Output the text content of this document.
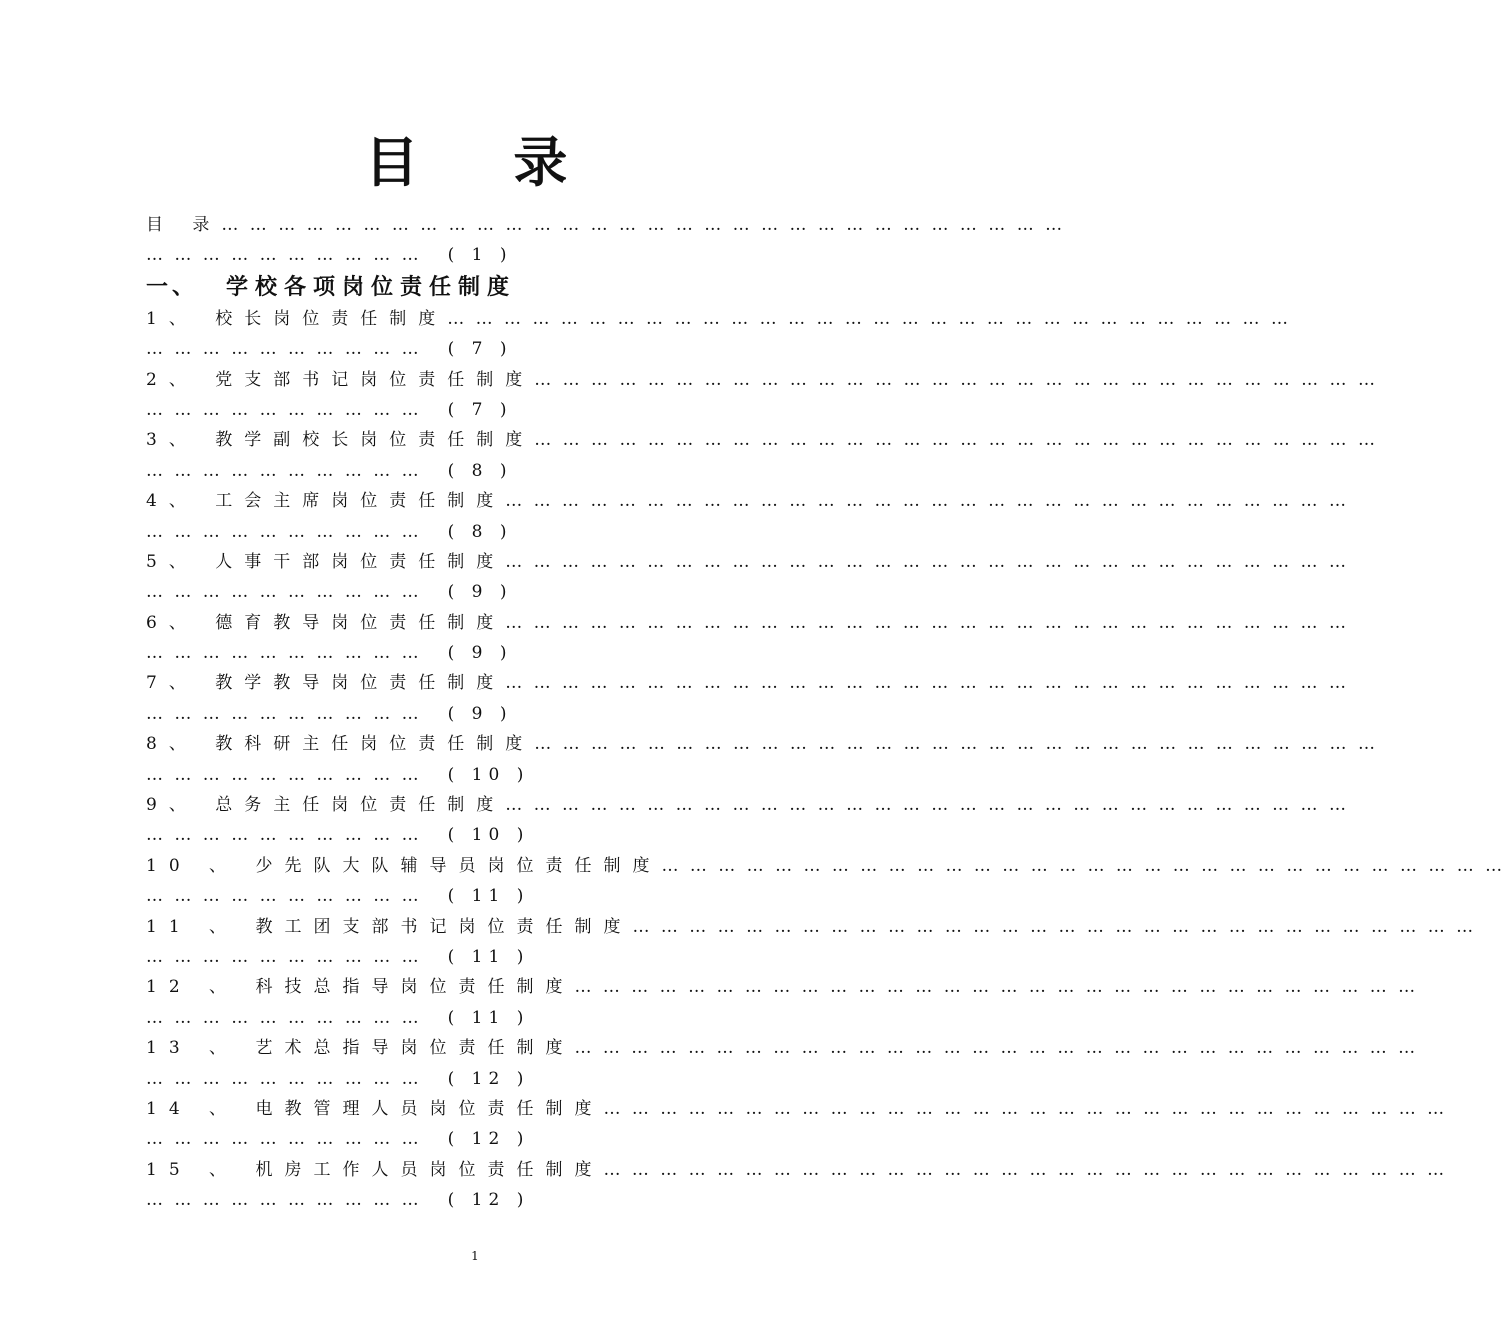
目 录
目 录 … … … … … … … … … … … … … … … … … … … … … … … … … … … … … …
… … … … … … … … … … ( 1 )
一、 学校各项岗位责任制度
1、 校长岗位责任制度 … … … … … … … … … … … … … … … … … … … … … … … … … … … … … …
… … … … … … … … … … ( 7 )
2、 党支部书记岗位责任制度 … … … … … … … … … … … … … … … … … … … … … … … … … … … … … …
… … … … … … … … … … ( 7 )
3、 教学副校长岗位责任制度 … … … … … … … … … … … … … … … … … … … … … … … … … … … … … …
… … … … … … … … … … ( 8 )
4、 工会主席岗位责任制度 … … … … … … … … … … … … … … … … … … … … … … … … … … … … … …
… … … … … … … … … … ( 8 )
5、 人事干部岗位责任制度 … … … … … … … … … … … … … … … … … … … … … … … … … … … … … …
… … … … … … … … … … ( 9 )
6、 德育教导岗位责任制度 … … … … … … … … … … … … … … … … … … … … … … … … … … … … … …
… … … … … … … … … … ( 9 )
7、 教学教导岗位责任制度 … … … … … … … … … … … … … … … … … … … … … … … … … … … … … …
… … … … … … … … … … ( 9 )
8、 教科研主任岗位责任制度 … … … … … … … … … … … … … … … … … … … … … … … … … … … … … …
… … … … … … … … … … ( 10 )
9、 总务主任岗位责任制度 … … … … … … … … … … … … … … … … … … … … … … … … … … … … … …
… … … … … … … … … … ( 10 )
10 、 少先队大队辅导员岗位责任制度 … … … … … … … … … … … … … … … … … … … … … … … … … … … … … …
… … … … … … … … … … ( 11 )
11 、 教工团支部书记岗位责任制度 … … … … … … … … … … … … … … … … … … … … … … … … … … … … … …
… … … … … … … … … … ( 11 )
12 、 科技总指导岗位责任制度 … … … … … … … … … … … … … … … … … … … … … … … … … … … … … …
… … … … … … … … … … ( 11 )
13 、 艺术总指导岗位责任制度 … … … … … … … … … … … … … … … … … … … … … … … … … … … … … …
… … … … … … … … … … ( 12 )
14 、 电教管理人员岗位责任制度 … … … … … … … … … … … … … … … … … … … … … … … … … … … … … …
… … … … … … … … … … ( 12 )
15 、 机房工作人员岗位责任制度 … … … … … … … … … … … … … … … … … … … … … … … … … … … … … …
… … … … … … … … … … ( 12 )
1
